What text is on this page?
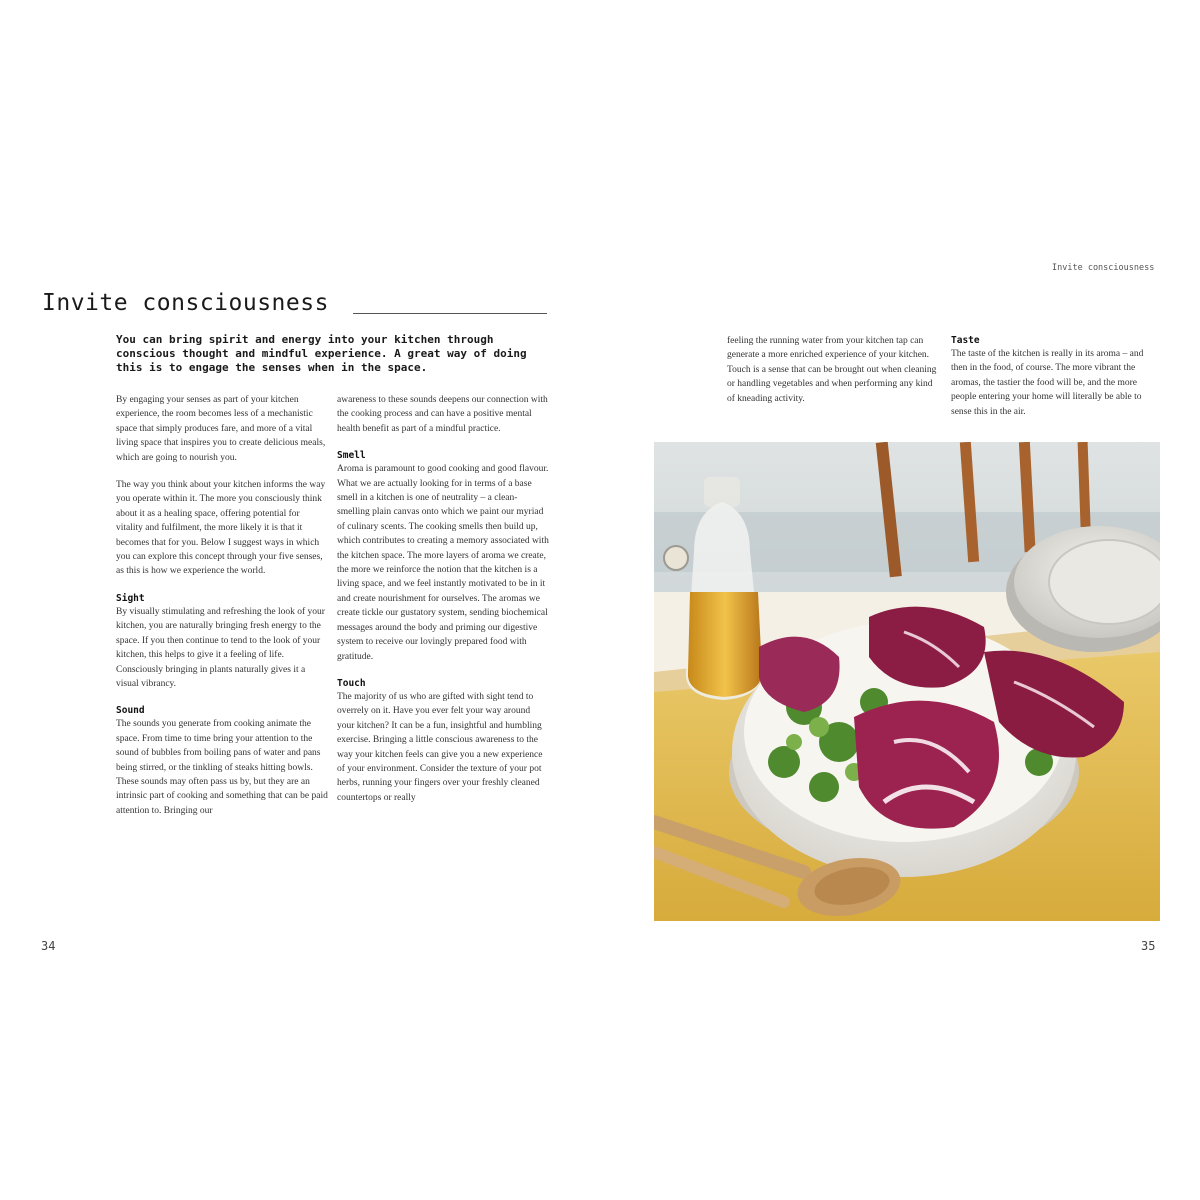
Invite consciousness
You can bring spirit and energy into your kitchen through conscious thought and mindful experience. A great way of doing this is to engage the senses when in the space.

By engaging your senses as part of your kitchen experience, the room becomes less of a mechanistic space that simply produces fare, and more of a vital living space that inspires you to create delicious meals, which are going to nourish you.

The way you think about your kitchen informs the way you operate within it. The more you consciously think about it as a healing space, offering potential for vitality and fulfilment, the more likely it is that it becomes that for you. Below I suggest ways in which you can explore this concept through your five senses, as this is how we experience the world.

Sight

By visually stimulating and refreshing the look of your kitchen, you are naturally bringing fresh energy to the space. If you then continue to tend to the look of your kitchen, this helps to give it a feeling of life. Consciously bringing in plants naturally gives it a visual vibrancy.

Sound

The sounds you generate from cooking animate the space. From time to time bring your attention to the sound of bubbles from boiling pans of water and pans being stirred, or the tinkling of steaks hitting bowls. These sounds may often pass us by, but they are an intrinsic part of cooking and something that can be paid attention to. Bringing our

awareness to these sounds deepens our connection with the cooking process and can have a positive mental health benefit as part of a mindful practice.

Smell

Aroma is paramount to good cooking and good flavour. What we are actually looking for in terms of a base smell in a kitchen is one of neutrality – a clean-smelling plain canvas onto which we paint our myriad of culinary scents. The cooking smells then build up, which contributes to creating a memory associated with the kitchen space. The more layers of aroma we create, the more we reinforce the notion that the kitchen is a living space, and we feel instantly motivated to be in it and create nourishment for ourselves. The aromas we create tickle our gustatory system, sending biochemical messages around the body and priming our digestive system to receive our lovingly prepared food with gratitude.

Touch

The majority of us who are gifted with sight tend to overrely on it. Have you ever felt your way around your kitchen? It can be a fun, insightful and humbling exercise. Bringing a little conscious awareness to the way your kitchen feels can give you a new experience of your environment. Consider the texture of your pot herbs, running your fingers over your freshly cleaned countertops or really

34
Invite consciousness

feeling the running water from your kitchen tap can generate a more enriched experience of your kitchen. Touch is a sense that can be brought out when cleaning or handling vegetables and when performing any kind of kneading activity.

Taste

The taste of the kitchen is really in its aroma – and then in the food, of course. The more vibrant the aromas, the tastier the food will be, and the more people entering your home will literally be able to sense this in the air.

35
